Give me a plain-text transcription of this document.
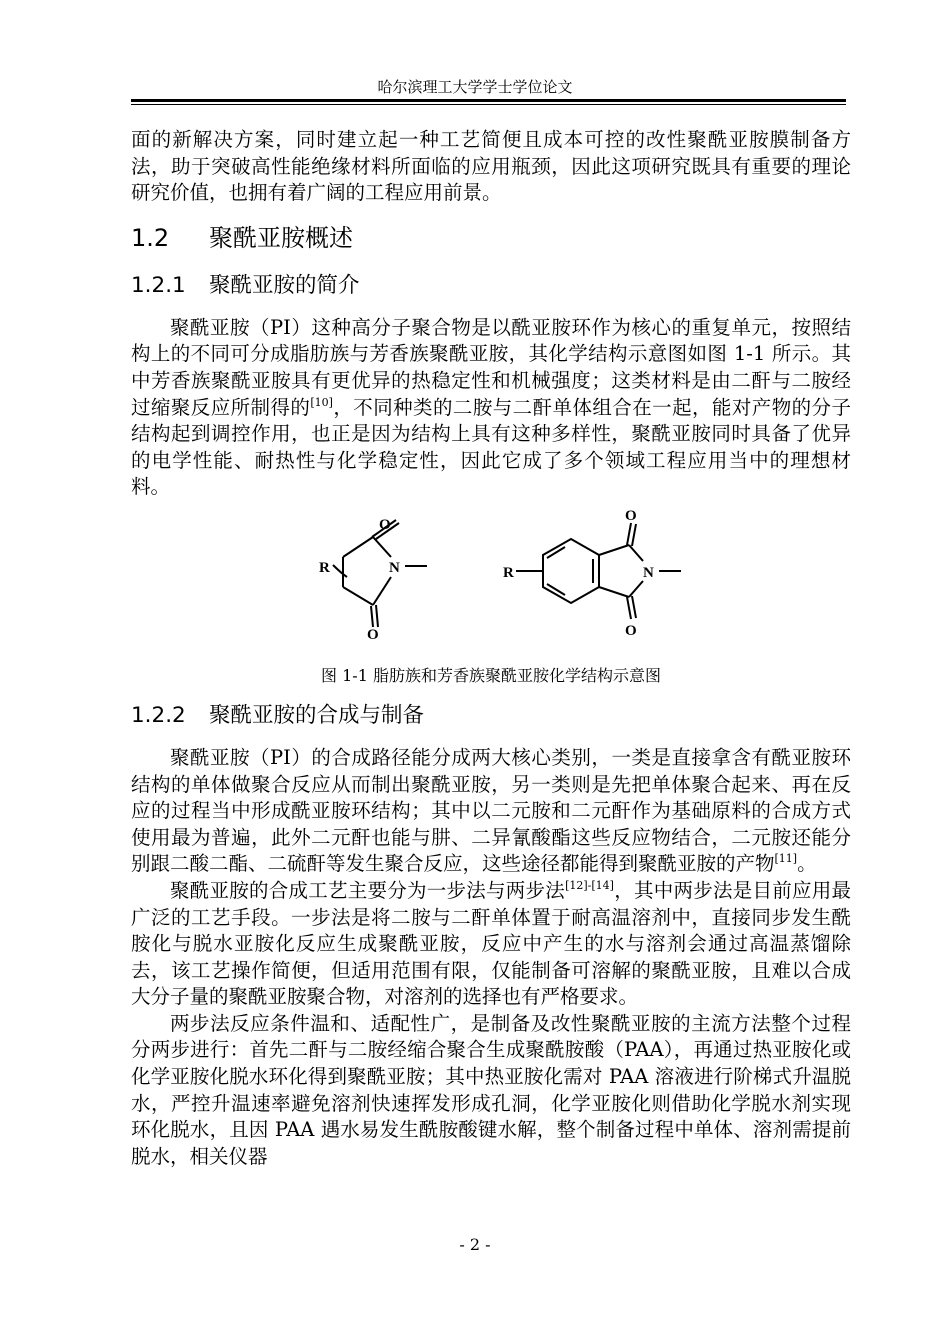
哈尔滨理工大学学士学位论文

面的新解决方案，同时建立起一种工艺简便且成本可控的改性聚酰亚胺膜制备方法，助于突破高性能绝缘材料所面临的应用瓶颈，因此这项研究既具有重要的理论研究价值，也拥有着广阔的工程应用前景。

1.2 聚酰亚胺概述
1.2.1 聚酰亚胺的简介

聚酰亚胺（PI）这种高分子聚合物是以酰亚胺环作为核心的重复单元，按照结构上的不同可分成脂肪族与芳香族聚酰亚胺，其化学结构示意图如图 1-1 所示。其中芳香族聚酰亚胺具有更优异的热稳定性和机械强度；这类材料是由二酐与二胺经过缩聚反应所制得的[10]，不同种类的二胺与二酐单体组合在一起，能对产物的分子结构起到调控作用，也正是因为结构上具有这种多样性，聚酰亚胺同时具备了优异的电学性能、耐热性与化学稳定性，因此它成了多个领域工程应用当中的理想材料。

O
N
O
R
O
N
O
R

图 1-1 脂肪族和芳香族聚酰亚胺化学结构示意图

1.2.2 聚酰亚胺的合成与制备

聚酰亚胺（PI）的合成路径能分成两大核心类别，一类是直接拿含有酰亚胺环结构的单体做聚合反应从而制出聚酰亚胺，另一类则是先把单体聚合起来、再在反应的过程当中形成酰亚胺环结构；其中以二元胺和二元酐作为基础原料的合成方式使用最为普遍，此外二元酐也能与肼、二异氰酸酯这些反应物结合，二元胺还能分别跟二酸二酯、二硫酐等发生聚合反应，这些途径都能得到聚酰亚胺的产物[11]。

聚酰亚胺的合成工艺主要分为一步法与两步法[12]-[14]，其中两步法是目前应用最广泛的工艺手段。一步法是将二胺与二酐单体置于耐高温溶剂中，直接同步发生酰胺化与脱水亚胺化反应生成聚酰亚胺，反应中产生的水与溶剂会通过高温蒸馏除去，该工艺操作简便，但适用范围有限，仅能制备可溶解的聚酰亚胺，且难以合成大分子量的聚酰亚胺聚合物，对溶剂的选择也有严格要求。

两步法反应条件温和、适配性广，是制备及改性聚酰亚胺的主流方法整个过程分两步进行：首先二酐与二胺经缩合聚合生成聚酰胺酸（PAA），再通过热亚胺化或化学亚胺化脱水环化得到聚酰亚胺；其中热亚胺化需对 PAA 溶液进行阶梯式升温脱水，严控升温速率避免溶剂快速挥发形成孔洞，化学亚胺化则借助化学脱水剂实现环化脱水，且因 PAA 遇水易发生酰胺酸键水解，整个制备过程中单体、溶剂需提前脱水，相关仪器

- 2 -
